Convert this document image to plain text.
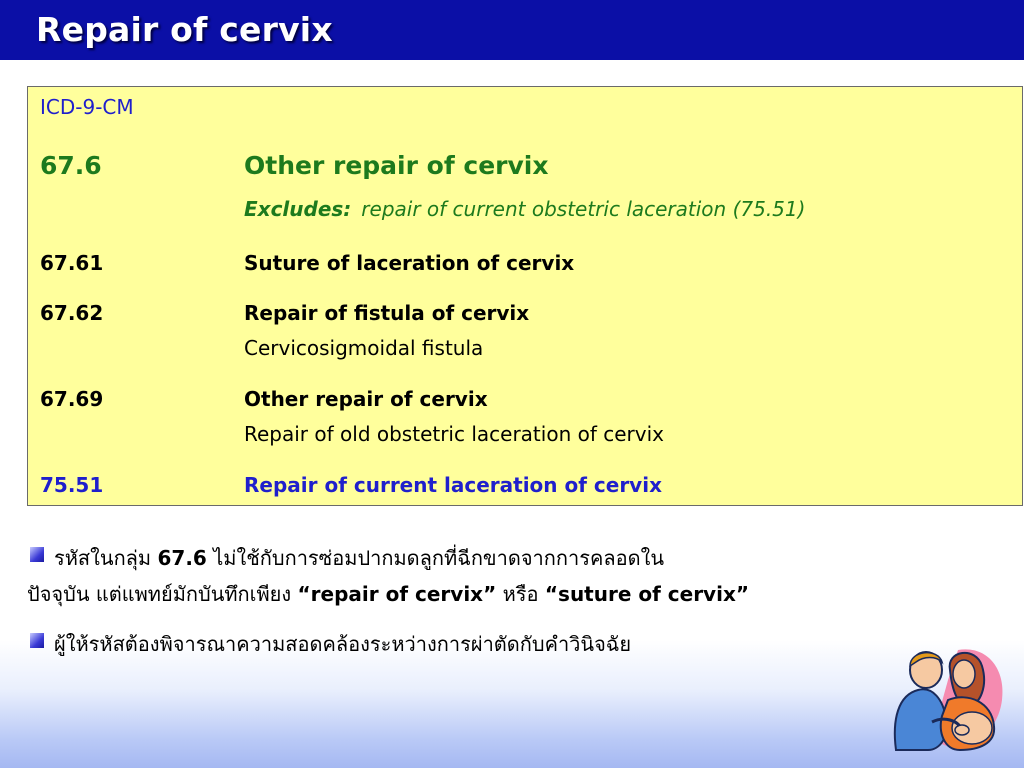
Repair of cervix
ICD-9-CM
67.6	Other repair of cervix
Excludes: repair of current obstetric laceration (75.51)
67.61	Suture of laceration of cervix
67.62	Repair of fistula of cervix
Cervicosigmoidal fistula
67.69	Other repair of cervix
Repair of old obstetric laceration of cervix
75.51	Repair of current laceration of cervix
รหัสในกลุ่ม 67.6 ไม่ใช้กับการซ่อมปากมดลูกที่ฉีกขาดจากการคลอดใน
ปัจจุบัน แต่แพทย์มักบันทึกเพียง “repair of cervix” หรือ “suture of cervix”
ผู้ให้รหัสต้องพิจารณาความสอดคล้องระหว่างการผ่าตัดกับคำวินิจฉัย
